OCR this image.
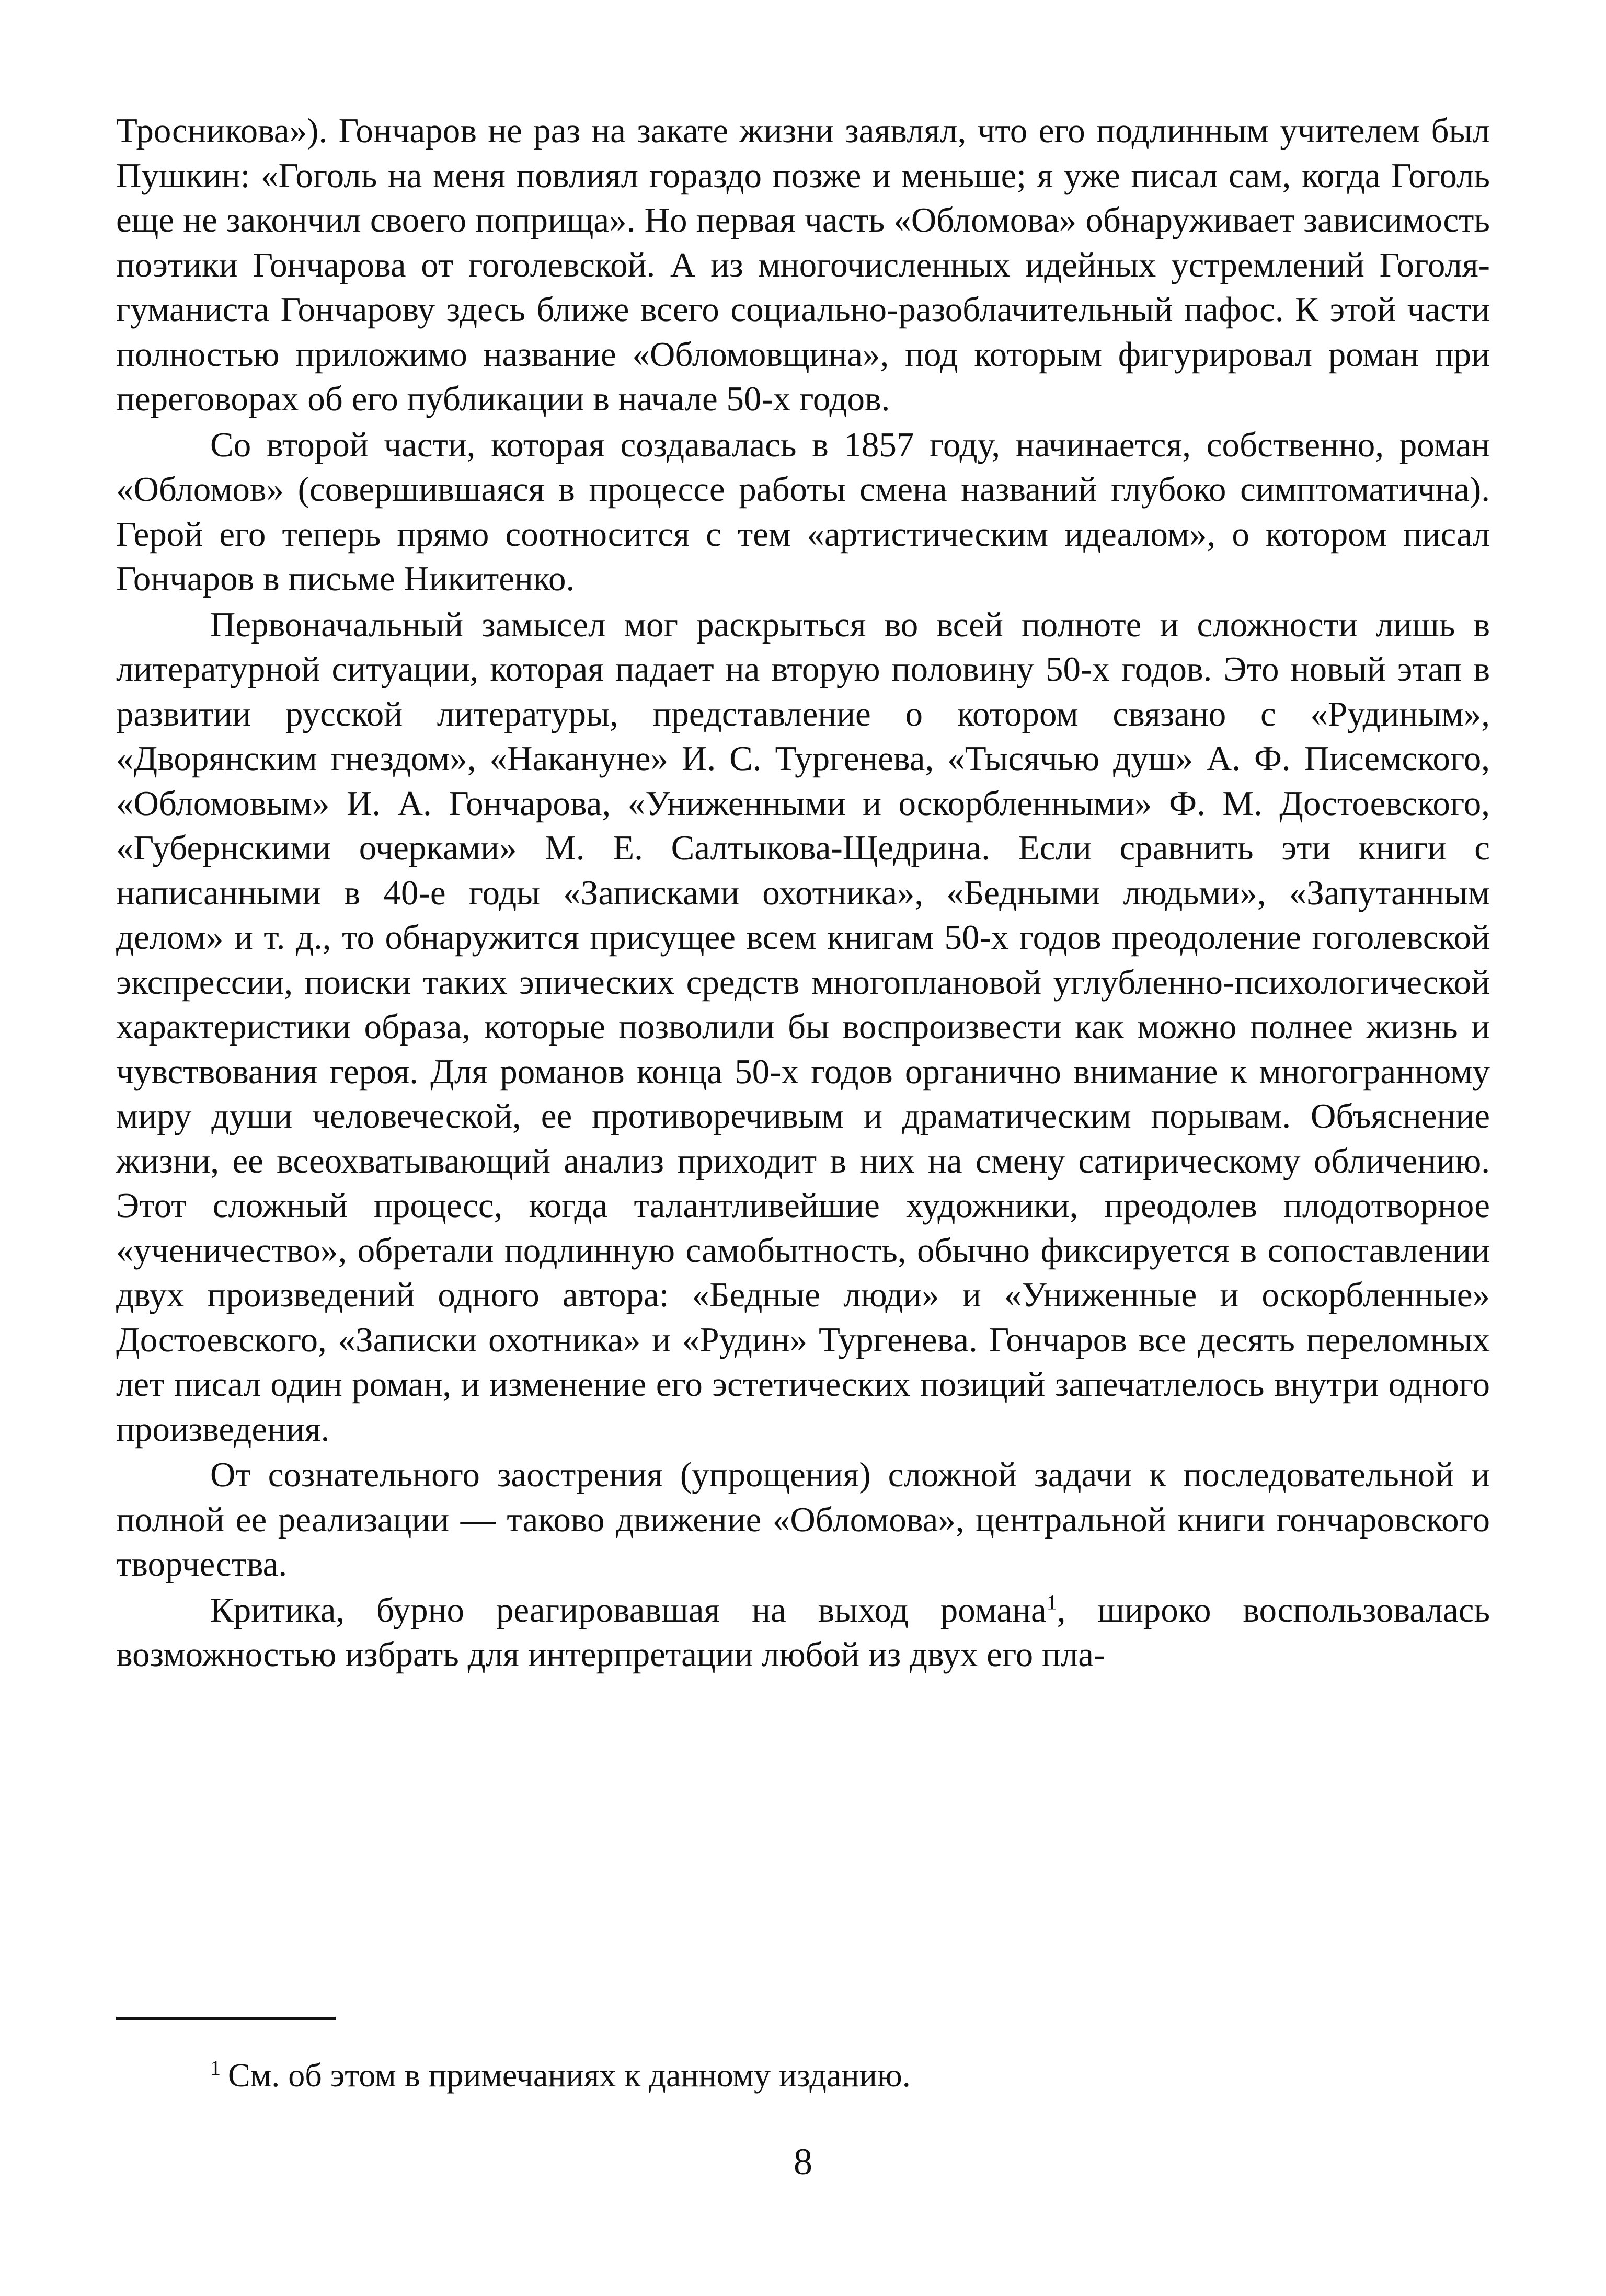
Тросникова»). Гончаров не раз на закате жизни заявлял, что его подлинным учителем был Пушкин: «Гоголь на меня повлиял гораздо позже и меньше; я уже писал сам, когда Гоголь еще не закончил своего поприща». Но первая часть «Обломова» обнаруживает зависимость поэтики Гончарова от гоголевской. А из многочисленных идейных устремлений Гоголя-гуманиста Гончарову здесь ближе всего социально-разоблачительный пафос. К этой части полностью приложимо название «Обломовщина», под которым фигурировал роман при переговорах об его публикации в начале 50-х годов.

Со второй части, которая создавалась в 1857 году, начинается, собственно, роман «Обломов» (совершившаяся в процессе работы смена названий глубоко симптоматична). Герой его теперь прямо соотносится с тем «артистическим идеалом», о котором писал Гончаров в письме Никитенко.

Первоначальный замысел мог раскрыться во всей полноте и сложности лишь в литературной ситуации, которая падает на вторую половину 50-х годов. Это новый этап в развитии русской литературы, представление о котором связано с «Рудиным», «Дворянским гнездом», «Накануне» И. С. Тургенева, «Тысячью душ» А. Ф. Писемского, «Обломовым» И. А. Гончарова, «Униженными и оскорбленными» Ф. М. Достоевского, «Губернскими очерками» М. Е. Салтыкова-Щедрина. Если сравнить эти книги с написанными в 40-е годы «Записками охотника», «Бедными людьми», «Запутанным делом» и т. д., то обнаружится присущее всем книгам 50-х годов преодоление гоголевской экспрессии, поиски таких эпических средств многоплановой углубленно-психологической характеристики образа, которые позволили бы воспроизвести как можно полнее жизнь и чувствования героя. Для романов конца 50-х годов органично внимание к многогранному миру души человеческой, ее противоречивым и драматическим порывам. Объяснение жизни, ее всеохватывающий анализ приходит в них на смену сатирическому обличению. Этот сложный процесс, когда талантливейшие художники, преодолев плодотворное «ученичество», обретали подлинную самобытность, обычно фиксируется в сопоставлении двух произведений одного автора: «Бедные люди» и «Униженные и оскорбленные» Достоевского, «Записки охотника» и «Рудин» Тургенева. Гончаров все десять переломных лет писал один роман, и изменение его эстетических позиций запечатлелось внутри одного произведения.

От сознательного заострения (упрощения) сложной задачи к последовательной и полной ее реализации — таково движение «Обломова», центральной книги гончаровского творчества.

Критика, бурно реагировавшая на выход романа$^1$, широко воспользовалась возможностью избрать для интерпретации любой из двух его пла-

$^1$ См. об этом в примечаниях к данному изданию.

8
